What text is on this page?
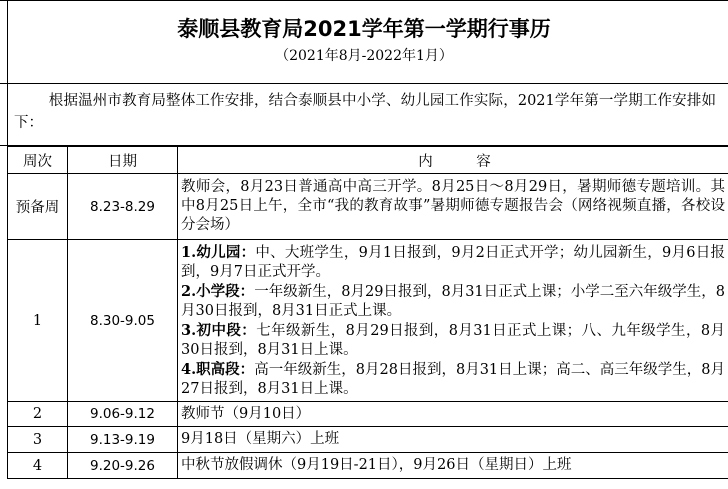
泰顺县教育局2021学年第一学期行事历
（2021年8月-2022年1月）
根据温州市教育局整体工作安排，结合泰顺县中小学、幼儿园工作实际，2021学年第一学期工作安排如下：
周次	日期	内　　　容
预备周	8.23-8.29	教师会，8月23日普通高中高三开学。8月25日～8月29日，暑期师德专题培训。其中8月25日上午，全市“我的教育故事”暑期师德专题报告会（网络视频直播，各校设分会场）
1	8.30-9.05	1.幼儿园：中、大班学生，9月1日报到，9月2日正式开学；幼儿园新生，9月6日报到，9月7日正式开学。
2.小学段：一年级新生，8月29日报到，8月31日正式上课；小学二至六年级学生，8月30日报到，8月31日正式上课。
3.初中段：七年级新生，8月29日报到，8月31日正式上课；八、九年级学生，8月30日报到，8月31日上课。
4.职高段：高一年级新生，8月28日报到，8月31日上课；高二、高三年级学生，8月27日报到，8月31日上课。

2	9.06-9.12	教师节（9月10日）
3	9.13-9.19	9月18日（星期六）上班
4	9.20-9.26	中秋节放假调休（9月19日-21日），9月26日（星期日）上班
